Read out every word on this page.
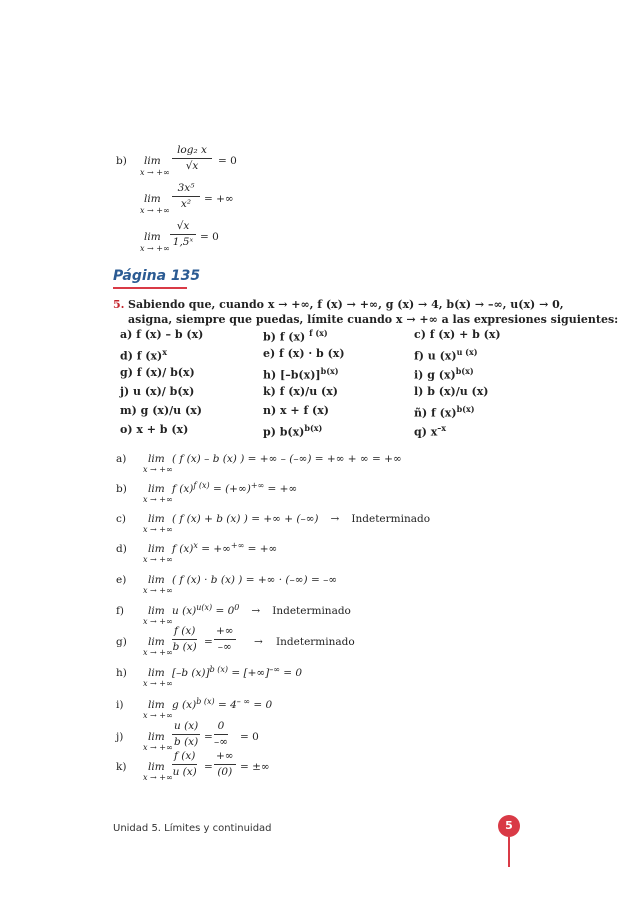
b) lim
x → +∞ $\frac{\text{log₂ x}}{√x} = 0$
lim
x → +∞ $\frac{\text{3x⁵}}{\text{x²}}$ = +∞
lim
x → +∞ $\frac{√x}{\text{1,5ˣ}} = 0$
Página 135
5. Sabiendo que, cuando x → +∞, f (x) → +∞, g (x) → 4, b(x) → –∞, u(x) → 0,
asigna, siempre que puedas, límite cuando x → +∞ a las expresiones siguientes:
a) f (x) – b (x)	b) f (x) $^{f (x)}$	c) f (x) + b (x)
d) f $(x)^x$	e) f (x) · b (x)	f) u $(x)^{u (x)}$
g) f (x)/ b(x)	h) $[-b(x)]^{b(x)}$	i) g $(x)^{b(x)}$
j) u (x)/ b(x)	k) f (x)/u (x)	l) b (x)/u (x)
m) g (x)/u (x)	n) x + f (x)	ñ) f $(x)^{b(x)}$
o) x + b (x)	p) $b(x)^{b(x)}$	q) $x^{-x}$
a) lim
x → +∞
( f (x) – b (x) ) = +∞ – (–∞) = +∞ + ∞ = +∞
b) lim
x → +∞
f $(x)^{f (x)} = (+\infty)^{+\infty}$ = +∞
c) lim
x → +∞
( f (x) + b (x) ) = +∞ + (–∞) → Indeterminado
d) lim
x → +∞
f $(x)^x = +\infty^{+\infty}$ = +∞
e) lim
x → +∞
( f (x) · b (x) ) = +∞ · (–∞) = –∞
f) lim
x → +∞
u $(x)^{u(x)} = 0^0$ → Indeterminado
g) lim
x → +∞ $\frac{f (x)}{b (x)}$ =
+∞
–∞	→ Indeterminado
h) lim
x → +∞
[–b (x)]$^{b (x)}$ = [+∞]–∞ = 0
i) lim
x → +∞
g $(x)^{b (x)} = 4^{- \infty} = 0$
j) lim
x → +∞ $\frac{u (x)}{b (x)}$ =
0
–∞ = 0
k) lim
x → +∞ $\frac{f (x)}{u (x)}$ =
+∞
(0) = ±∞
Unidad 5. Límites y continuidad	5
